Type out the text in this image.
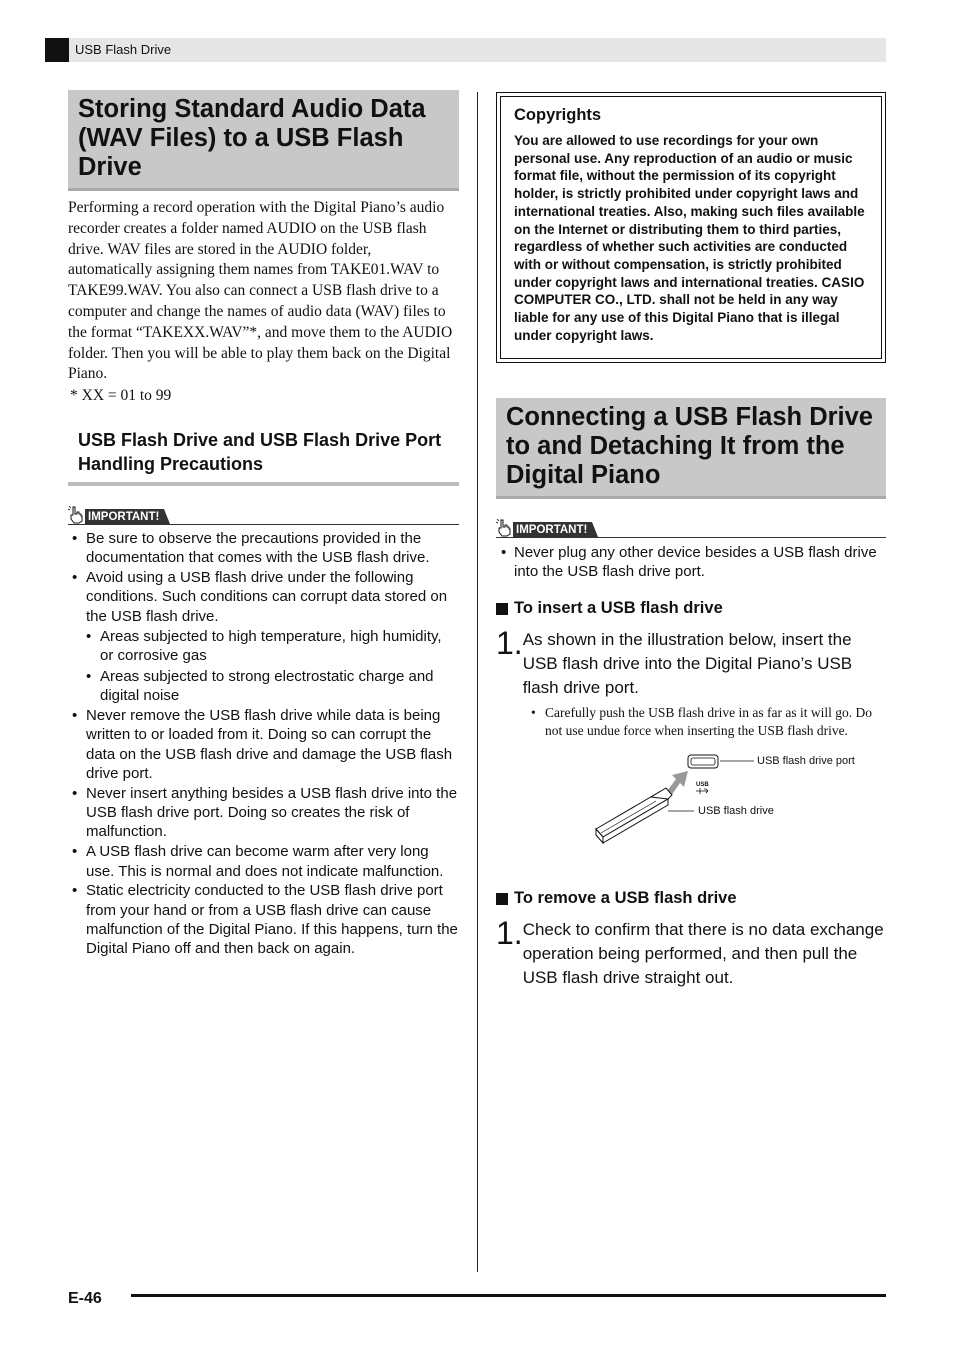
USB Flash Drive
Storing Standard Audio Data (WAV Files) to a USB Flash Drive
Performing a record operation with the Digital Piano’s audio recorder creates a folder named AUDIO on the USB flash drive. WAV files are stored in the AUDIO folder, automatically assigning them names from TAKE01.WAV to TAKE99.WAV. You also can connect a USB flash drive to a computer and change the names of audio data (WAV) files to the format “TAKEXX.WAV”*, and move them to the AUDIO folder. Then you will be able to play them back on the Digital Piano.
* XX = 01 to 99
USB Flash Drive and USB Flash Drive Port Handling Precautions
IMPORTANT!
• Be sure to observe the precautions provided in the documentation that comes with the USB flash drive.
• Avoid using a USB flash drive under the following conditions. Such conditions can corrupt data stored on the USB flash drive.
• Areas subjected to high temperature, high humidity, or corrosive gas
• Areas subjected to strong electrostatic charge and digital noise
• Never remove the USB flash drive while data is being written to or loaded from it. Doing so can corrupt the data on the USB flash drive and damage the USB flash drive port.
• Never insert anything besides a USB flash drive into the USB flash drive port. Doing so creates the risk of malfunction.
• A USB flash drive can become warm after very long use. This is normal and does not indicate malfunction.
• Static electricity conducted to the USB flash drive port from your hand or from a USB flash drive can cause malfunction of the Digital Piano. If this happens, turn the Digital Piano off and then back on again.
Copyrights
You are allowed to use recordings for your own personal use. Any reproduction of an audio or music format file, without the permission of its copyright holder, is strictly prohibited under copyright laws and international treaties. Also, making such files available on the Internet or distributing them to third parties, regardless of whether such activities are conducted with or without compensation, is strictly prohibited under copyright laws and international treaties. CASIO COMPUTER CO., LTD. shall not be held in any way liable for any use of this Digital Piano that is illegal under copyright laws.
Connecting a USB Flash Drive to and Detaching It from the Digital Piano
IMPORTANT!
• Never plug any other device besides a USB flash drive into the USB flash drive port.
To insert a USB flash drive
1. As shown in the illustration below, insert the USB flash drive into the Digital Piano’s USB flash drive port.
• Carefully push the USB flash drive in as far as it will go. Do not use undue force when inserting the USB flash drive.
USB
USB flash drive port
USB flash drive
To remove a USB flash drive
1. Check to confirm that there is no data exchange operation being performed, and then pull the USB flash drive straight out.
E-46
